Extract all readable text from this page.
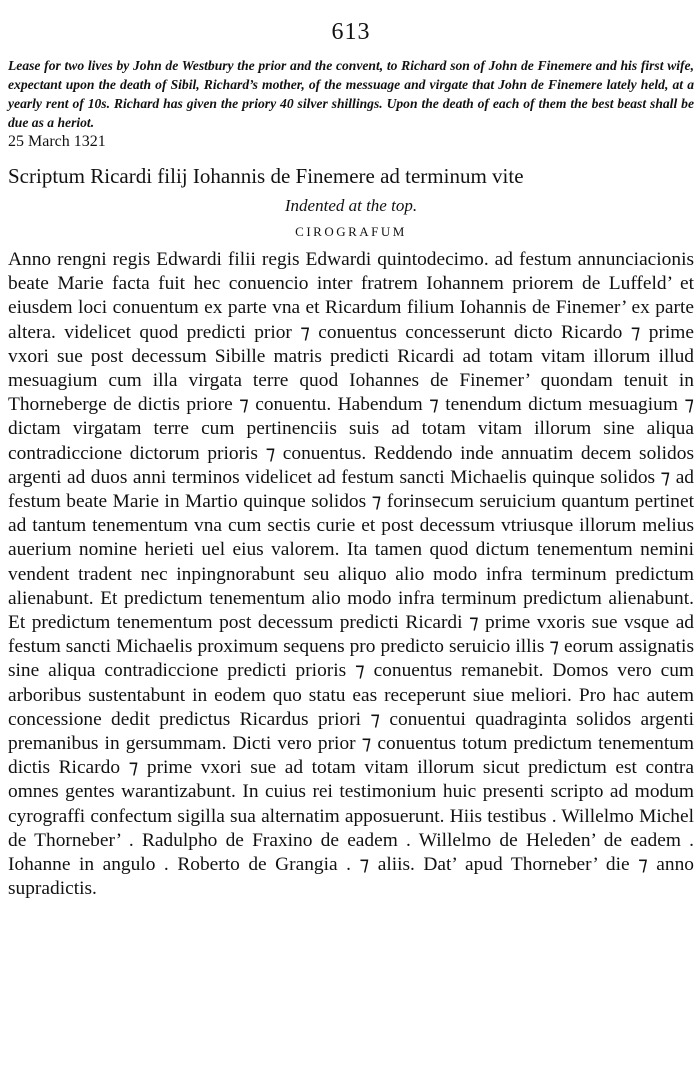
613

Lease for two lives by John de Westbury the prior and the convent, to Richard son of John de Finemere and his first wife, expectant upon the death of Sibil, Richard’s mother, of the messuage and virgate that John de Finemere lately held, at a yearly rent of 10s. Richard has given the priory 40 silver shillings. Upon the death of each of them the best beast shall be due as a heriot.

25 March 1321
Scriptum Ricardi filij Iohannis de Finemere ad terminum vite
Indented at the top.
CIROGRAFUM

Anno rengni regis Edwardi filii regis Edwardi quintodecimo. ad festum annunciacionis beate Marie facta fuit hec conuencio inter fratrem Iohannem priorem de Luffeld’ et eiusdem loci conuentum ex parte vna et Ricardum filium Iohannis de Finemer’ ex parte altera. videlicet quod predicti prior ⁊ conuentus concesserunt dicto Ricardo ⁊ prime vxori sue post decessum Sibille matris predicti Ricardi ad totam vitam illorum illud mesuagium cum illa virgata terre quod Iohannes de Finemer’ quondam tenuit in Thorneberge de dictis priore ⁊ conuentu. Habendum ⁊ tenendum dictum mesuagium ⁊ dictam virgatam terre cum pertinenciis suis ad totam vitam illorum sine aliqua contradiccione dictorum prioris ⁊ conuentus. Reddendo inde annuatim decem solidos argenti ad duos anni terminos videlicet ad festum sancti Michaelis quinque solidos ⁊ ad festum beate Marie in Martio quinque solidos ⁊ forinsecum seruicium quantum pertinet ad tantum tenementum vna cum sectis curie et post decessum vtriusque illorum melius auerium nomine herieti uel eius valorem. Ita tamen quod dictum tenementum nemini vendent tradent nec inpingnorabunt seu aliquo alio modo infra terminum predictum alienabunt. Et predictum tenementum alio modo infra terminum predictum alienabunt. Et predictum tenementum post decessum predicti Ricardi ⁊ prime vxoris sue vsque ad festum sancti Michaelis proximum sequens pro predicto seruicio illis ⁊ eorum assignatis sine aliqua contradiccione predicti prioris ⁊ conuentus remanebit. Domos vero cum arboribus sustentabunt in eodem quo statu eas receperunt siue meliori. Pro hac autem concessione dedit predictus Ricardus priori ⁊ conuentui quadraginta solidos argenti premanibus in gersummam. Dicti vero prior ⁊ conuentus totum predictum tenementum dictis Ricardo ⁊ prime vxori sue ad totam vitam illorum sicut predictum est contra omnes gentes warantizabunt. In cuius rei testimonium huic presenti scripto ad modum cyrograffi confectum sigilla sua alternatim apposuerunt. Hiis testibus . Willelmo Michel de Thorneber’ . Radulpho de Fraxino de eadem . Willelmo de Heleden’ de eadem . Iohanne in angulo . Roberto de Grangia . ⁊ aliis. Dat’ apud Thorneber’ die ⁊ anno supradictis.
